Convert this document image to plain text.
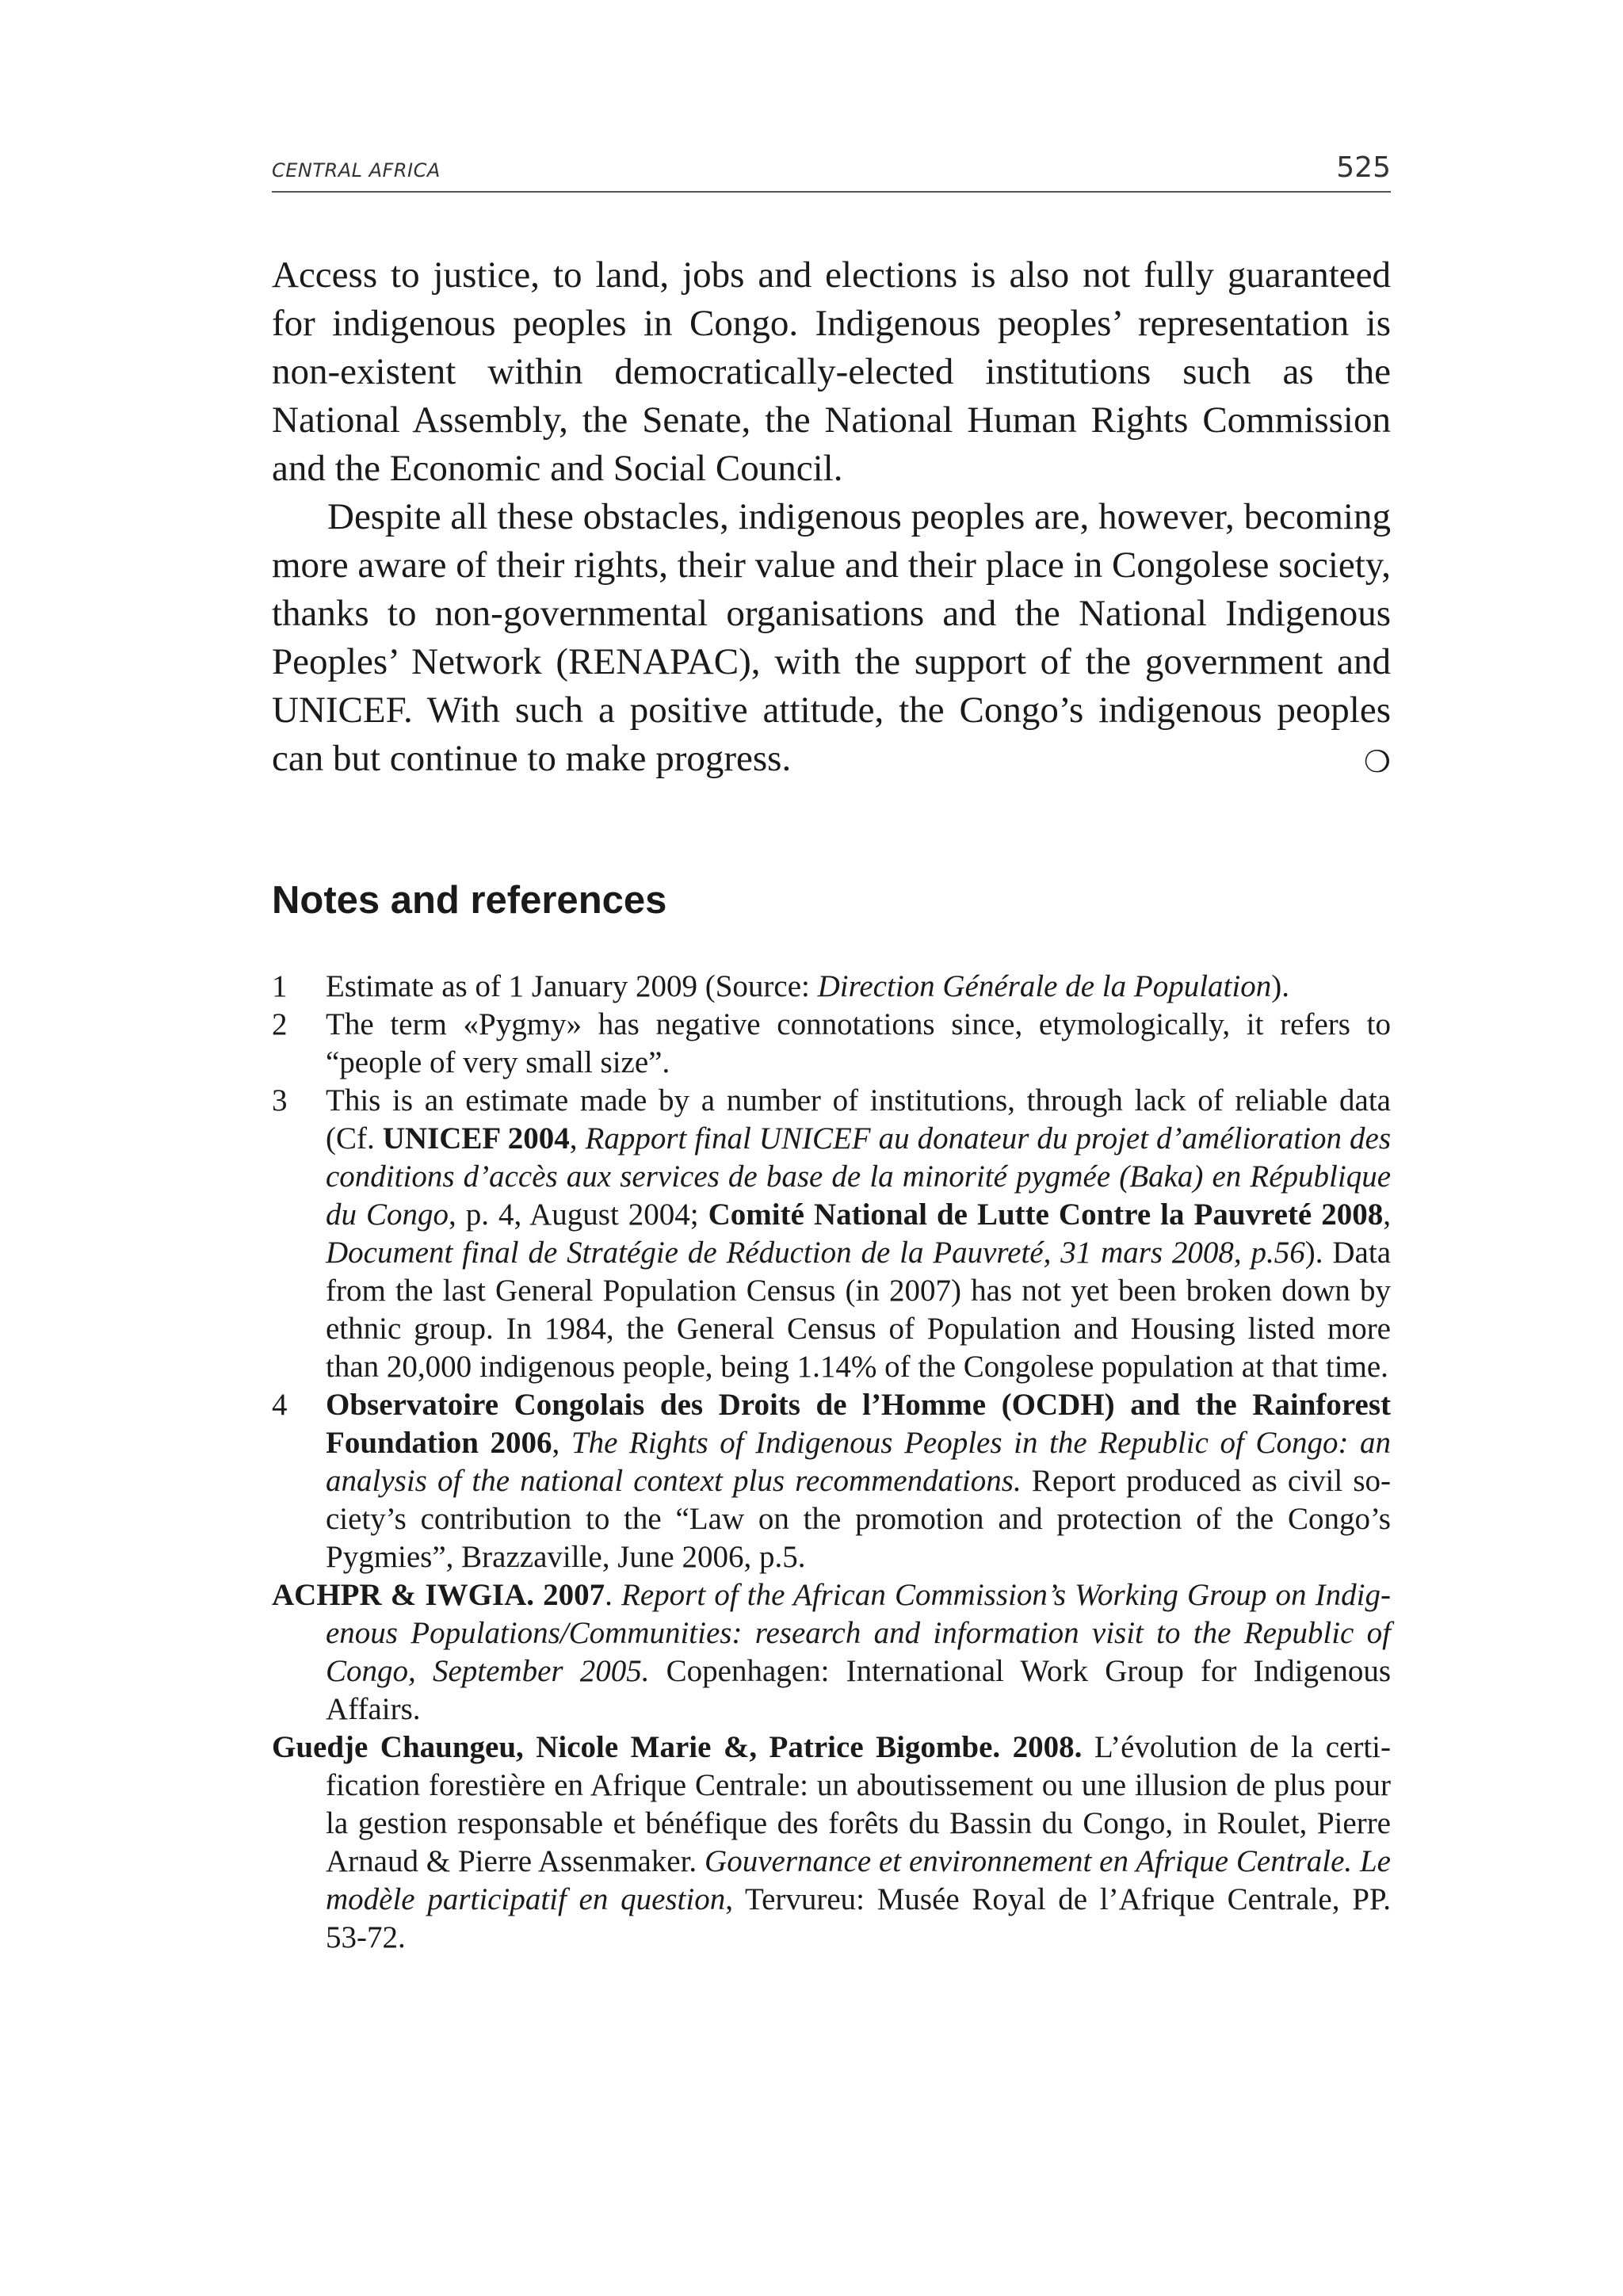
CENTRAL AFRICA	525

Access to justice, to land, jobs and elections is also not fully guaranteed for indigenous peoples in Congo. Indigenous peoples’ representation is non-existent within democratically-elected institutions such as the National Assembly, the Senate, the National Human Rights Commission and the Economic and Social Council.

Despite all these obstacles, indigenous peoples are, however, becoming more aware of their rights, their value and their place in Congolese society, thanks to non-governmental organisations and the National Indigenous Peoples’ Network (RENAPAC), with the support of the government and UNICEF. With such a positive attitude, the Congo’s indigenous peoples can but continue to make progress.	❍

Notes and references
1 Estimate as of 1 January 2009 (Source: Direction Générale de la Population).
2 The term «Pygmy» has negative connotations since, etymologically, it refers to “people of very small size”.
3 This is an estimate made by a number of institutions, through lack of reliable data (Cf. UNICEF 2004, Rapport final UNICEF au donateur du projet d’amélioration des conditions d’accès aux services de base de la minorité pygmée (Baka) en République du Congo, p. 4, August 2004; Comité National de Lutte Contre la Pauvreté 2008, Document final de Stratégie de Réduction de la Pauvreté, 31 mars 2008, p.56). Data from the last General Population Census (in 2007) has not yet been broken down by ethnic group. In 1984, the General Census of Population and Housing listed more than 20,000 indigenous people, being 1.14% of the Congolese population at that time.
4 Observatoire Congolais des Droits de l’Homme (OCDH) and the Rainforest Foundation 2006, The Rights of Indigenous Peoples in the Republic of Congo: an analysis of the national context plus recommendations. Report produced as civil society’s contribution to the “Law on the promotion and protection of the Congo’s Pygmies”, Brazzaville, June 2006, p.5.
ACHPR & IWGIA. 2007. Report of the African Commission’s Working Group on Indigenous Populations/Communities: research and information visit to the Republic of Congo, September 2005. Copenhagen: International Work Group for Indigenous Affairs.
Guedje Chaungeu, Nicole Marie &, Patrice Bigombe. 2008. L’évolution de la certification forestière en Afrique Centrale: un aboutissement ou une illusion de plus pour la gestion responsable et bénéfique des forêts du Bassin du Congo, in Roulet, Pierre Arnaud & Pierre Assenmaker. Gouvernance et environnement en Afrique Centrale. Le modèle participatif en question, Tervureu: Musée Royal de l’Afrique Centrale, PP. 53-72.
